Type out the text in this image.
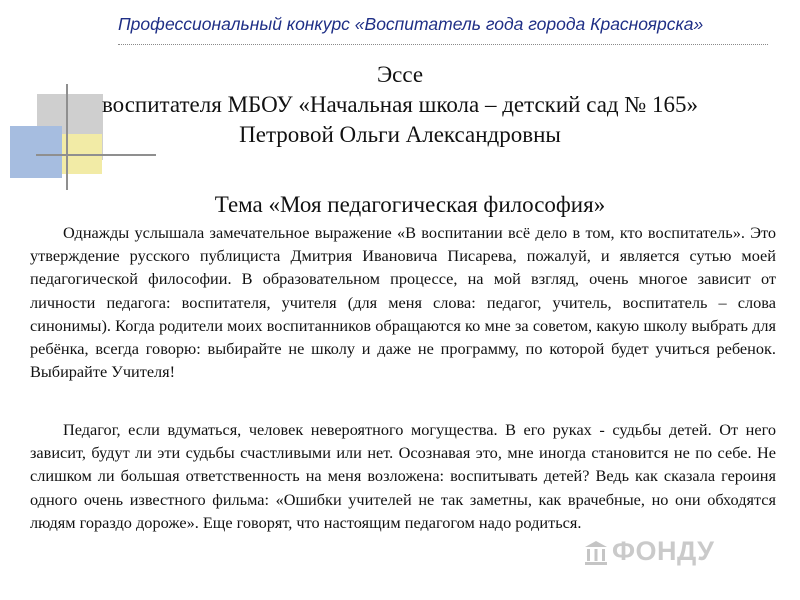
Профессиональный конкурс «Воспитатель года города Красноярска»
Эссе
воспитателя МБОУ «Начальная школа – детский сад № 165»
Петровой Ольги Александровны
Тема «Моя педагогическая философия»

Однажды услышала замечательное выражение «В воспитании всё дело в том, кто воспитатель». Это утверждение русского публициста Дмитрия Ивановича Писарева, пожалуй, и является сутью моей педагогической философии. В образовательном процессе, на мой взгляд, очень многое зависит от личности педагога: воспитателя, учителя (для меня слова: педагог, учитель, воспитатель – слова синонимы). Когда родители моих воспитанников обращаются ко мне за советом, какую школу выбрать для ребёнка, всегда говорю: выбирайте не школу и даже не программу, по которой будет учиться ребенок. Выбирайте Учителя!

Педагог, если вдуматься, человек невероятного могущества. В его руках - судьбы детей. От него зависит, будут ли эти судьбы счастливыми или нет. Осознавая это, мне иногда становится не по себе. Не слишком ли большая ответственность на меня возложена: воспитывать детей? Ведь как сказала героиня одного очень известного фильма: «Ошибки учителей не так заметны, как врачебные, но они обходятся людям гораздо дороже». Еще говорят, что настоящим педагогом надо родиться.

ФОНДУ
